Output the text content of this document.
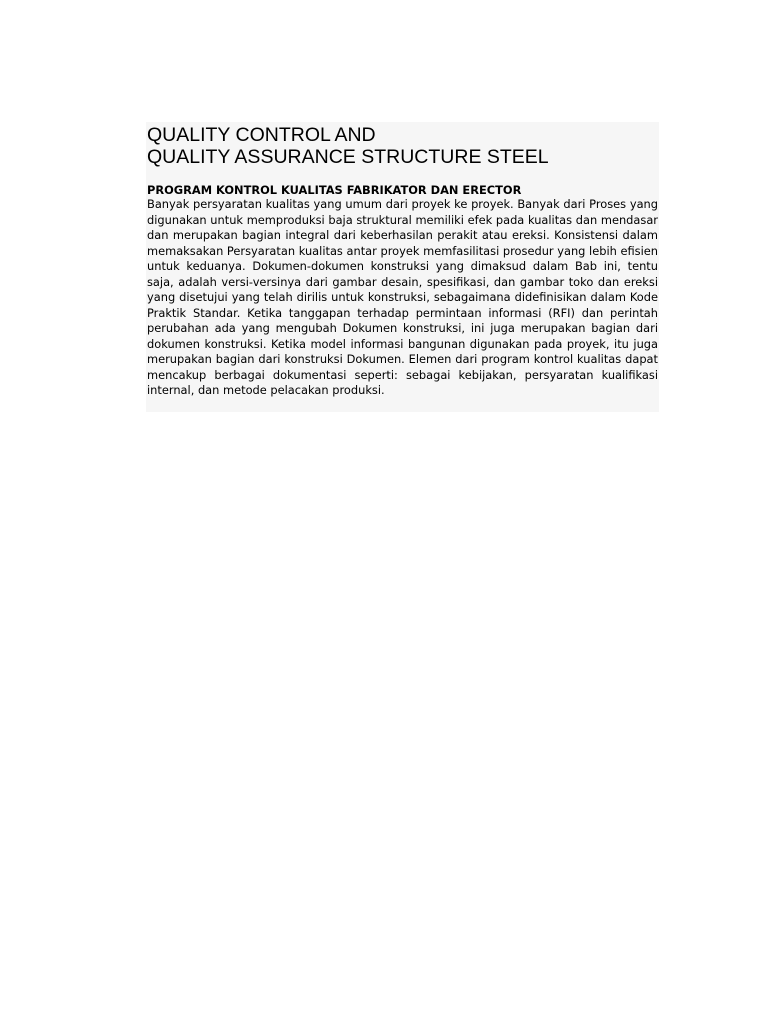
QUALITY CONTROL AND
QUALITY ASSURANCE STRUCTURE STEEL
PROGRAM KONTROL KUALITAS FABRIKATOR DAN ERECTOR

Banyak persyaratan kualitas yang umum dari proyek ke proyek. Banyak dari Proses yang digunakan untuk memproduksi baja struktural memiliki efek pada kualitas dan mendasar dan merupakan bagian integral dari keberhasilan perakit atau ereksi. Konsistensi dalam memaksakan Persyaratan kualitas antar proyek memfasilitasi prosedur yang lebih efisien untuk keduanya. Dokumen-dokumen konstruksi yang dimaksud dalam Bab ini, tentu saja, adalah versi-versinya dari gambar desain, spesifikasi, dan gambar toko dan ereksi yang disetujui yang telah dirilis untuk konstruksi, sebagaimana didefinisikan dalam Kode Praktik Standar. Ketika tanggapan terhadap permintaan informasi (RFI) dan perintah perubahan ada yang mengubah Dokumen konstruksi, ini juga merupakan bagian dari dokumen konstruksi. Ketika model informasi bangunan digunakan pada proyek, itu juga merupakan bagian dari konstruksi Dokumen. Elemen dari program kontrol kualitas dapat mencakup berbagai dokumentasi seperti: sebagai kebijakan, persyaratan kualifikasi internal, dan metode pelacakan produksi.
